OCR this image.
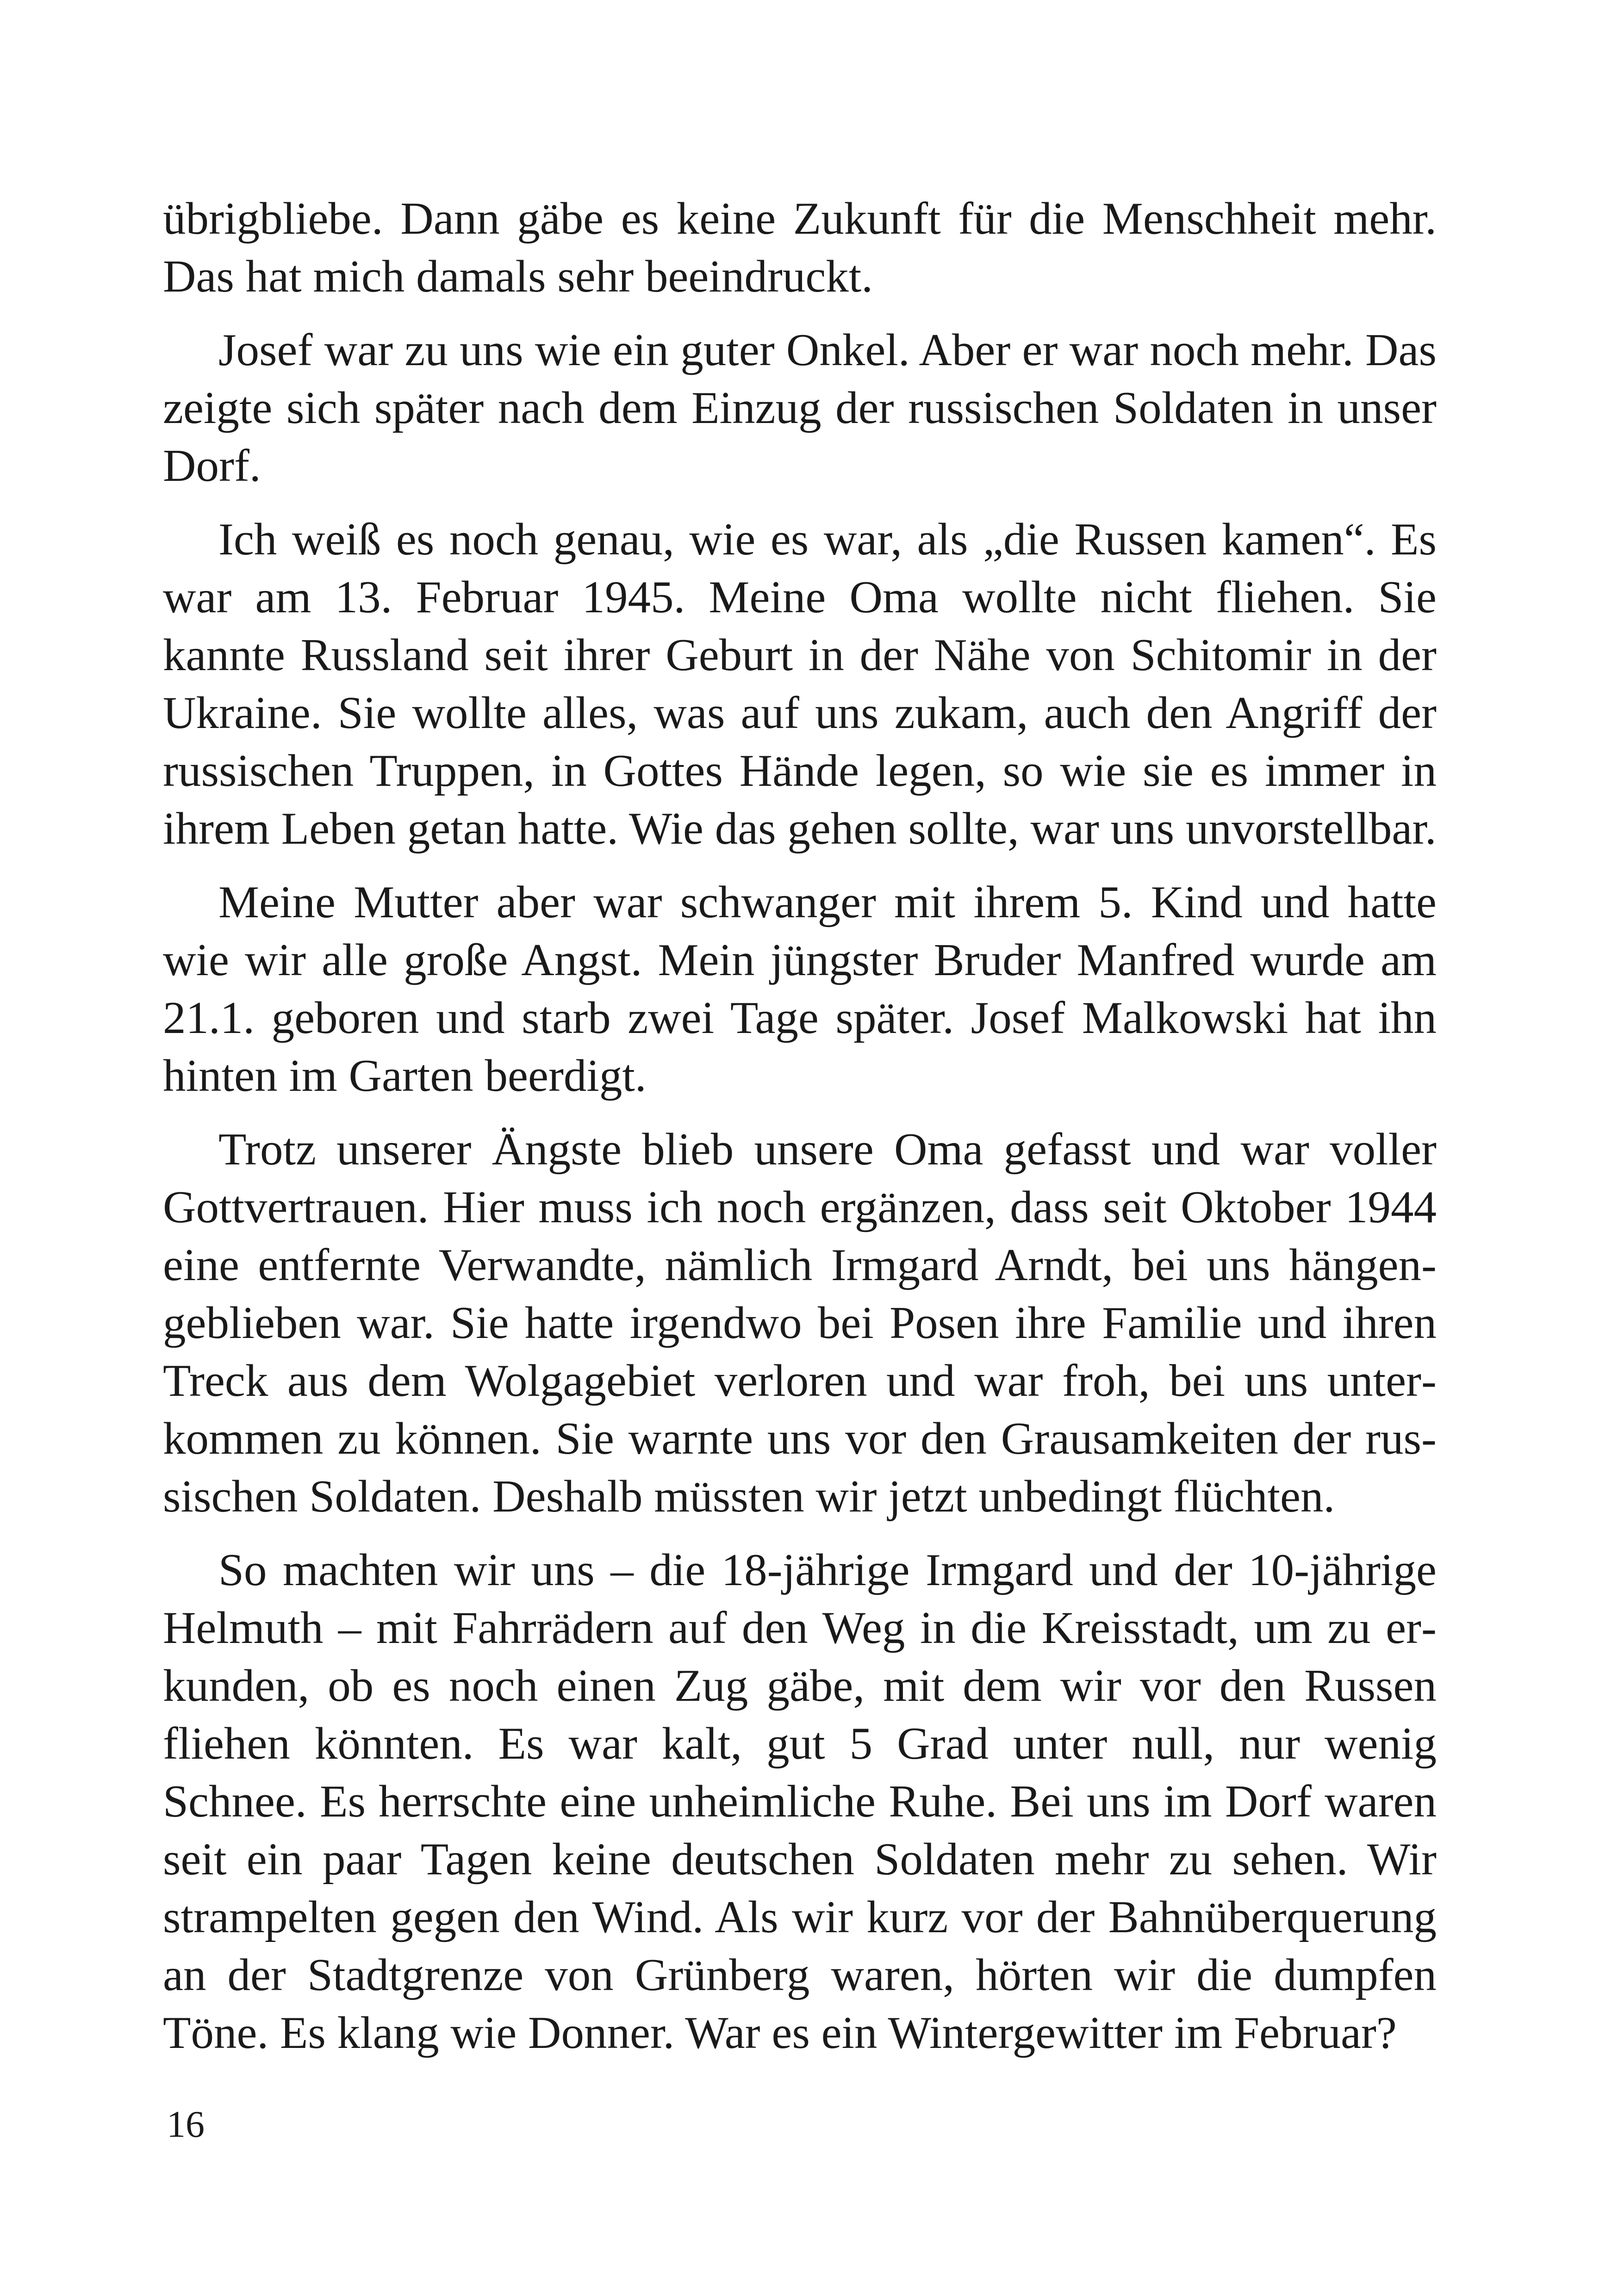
übrigbliebe. Dann gäbe es keine Zukunft für die Menschheit mehr. Das hat mich damals sehr beeindruckt.

Josef war zu uns wie ein guter Onkel. Aber er war noch mehr. Das zeigte sich später nach dem Einzug der russischen Soldaten in unser Dorf.

Ich weiß es noch genau, wie es war, als „die Russen kamen“. Es war am 13. Februar 1945. Meine Oma wollte nicht fliehen. Sie kannte Russland seit ihrer Geburt in der Nähe von Schitomir in der Ukraine. Sie wollte alles, was auf uns zukam, auch den Angriff der russischen Truppen, in Gottes Hände legen, so wie sie es immer in ihrem Leben getan hatte. Wie das gehen sollte, war uns unvorstellbar.

Meine Mutter aber war schwanger mit ihrem 5. Kind und hatte wie wir alle große Angst. Mein jüngster Bruder Manfred wurde am 21.1. geboren und starb zwei Tage später. Josef Malkowski hat ihn hinten im Garten beerdigt.

Trotz unserer Ängste blieb unsere Oma gefasst und war voller Gottvertrauen. Hier muss ich noch ergänzen, dass seit Oktober 1944 eine entfernte Verwandte, nämlich Irmgard Arndt, bei uns hängengeblieben war. Sie hatte irgendwo bei Posen ihre Familie und ihren Treck aus dem Wolgagebiet verloren und war froh, bei uns unterkommen zu können. Sie warnte uns vor den Grausamkeiten der russischen Soldaten. Deshalb müssten wir jetzt unbedingt flüchten.

So machten wir uns – die 18-jährige Irmgard und der 10-jährige Helmuth – mit Fahrrädern auf den Weg in die Kreisstadt, um zu erkunden, ob es noch einen Zug gäbe, mit dem wir vor den Russen fliehen könnten. Es war kalt, gut 5 Grad unter null, nur wenig Schnee. Es herrschte eine unheimliche Ruhe. Bei uns im Dorf waren seit ein paar Tagen keine deutschen Soldaten mehr zu sehen. Wir strampelten gegen den Wind. Als wir kurz vor der Bahnüberquerung an der Stadtgrenze von Grünberg waren, hörten wir die dumpfen Töne. Es klang wie Donner. War es ein Wintergewitter im Februar?

16
